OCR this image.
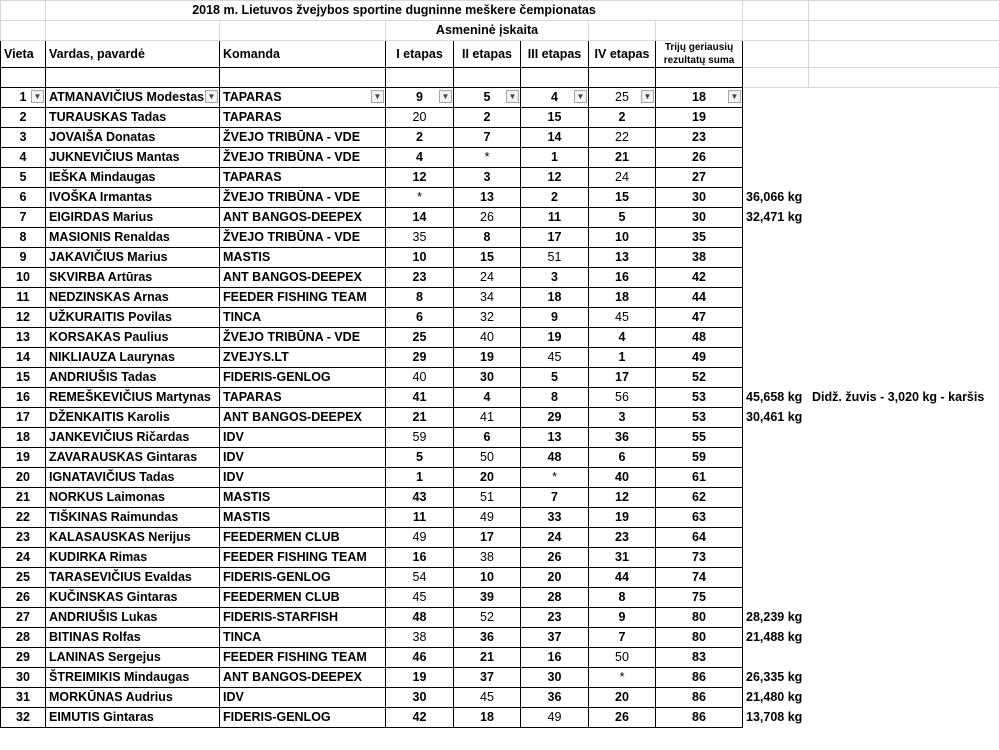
	2018 m. Lietuvos žvejybos sportine dugninne meškere čempionatas								
			Asmeninė įskaita						
Vieta	Vardas, pavardė	Komanda	I etapas	II etapas	III etapas	IV etapas	Trijų geriausių rezultatų suma		

1 ▼	ATMANAVIČIUS Modestas ▼	TAPARAS ▼	9 ▼	5 ▼	4 ▼	25 ▼	18 ▼		

2	TURAUSKAS Tadas	TAPARAS	20	2	15	2	19		
3	JOVAIŠA Donatas	ŽVEJO TRIBŪNA - VDE	2	7	14	22	23		
4	JUKNEVIČIUS Mantas	ŽVEJO TRIBŪNA - VDE	4	*	1	21	26		
5	IEŠKA Mindaugas	TAPARAS	12	3	12	24	27		
6	IVOŠKA Irmantas	ŽVEJO TRIBŪNA - VDE	*	13	2	15	30	36,066 kg	
7	EIGIRDAS Marius	ANT BANGOS-DEEPEX	14	26	11	5	30	32,471 kg	
8	MASIONIS Renaldas	ŽVEJO TRIBŪNA - VDE	35	8	17	10	35		
9	JAKAVIČIUS Marius	MASTIS	10	15	51	13	38		
10	SKVIRBA Artūras	ANT BANGOS-DEEPEX	23	24	3	16	42		
11	NEDZINSKAS Arnas	FEEDER FISHING TEAM	8	34	18	18	44		
12	UŽKURAITIS Povilas	TINCA	6	32	9	45	47		
13	KORSAKAS Paulius	ŽVEJO TRIBŪNA - VDE	25	40	19	4	48		
14	NIKLIAUZA Laurynas	ZVEJYS.LT	29	19	45	1	49		
15	ANDRIUŠIS Tadas	FIDERIS-GENLOG	40	30	5	17	52		
16	REMEŠKEVIČIUS Martynas	TAPARAS	41	4	8	56	53	45,658 kg	Didž. žuvis - 3,020 kg - karšis
17	DŽENKAITIS Karolis	ANT BANGOS-DEEPEX	21	41	29	3	53	30,461 kg	
18	JANKEVIČIUS Ričardas	IDV	59	6	13	36	55		
19	ZAVARAUSKAS Gintaras	IDV	5	50	48	6	59		
20	IGNATAVIČIUS Tadas	IDV	1	20	*	40	61		
21	NORKUS Laimonas	MASTIS	43	51	7	12	62		
22	TIŠKINAS Raimundas	MASTIS	11	49	33	19	63		
23	KALASAUSKAS Nerijus	FEEDERMEN CLUB	49	17	24	23	64		
24	KUDIRKA Rimas	FEEDER FISHING TEAM	16	38	26	31	73		
25	TARASEVIČIUS Evaldas	FIDERIS-GENLOG	54	10	20	44	74		
26	KUČINSKAS Gintaras	FEEDERMEN CLUB	45	39	28	8	75		
27	ANDRIUŠIS Lukas	FIDERIS-STARFISH	48	52	23	9	80	28,239 kg	
28	BITINAS Rolfas	TINCA	38	36	37	7	80	21,488 kg	
29	LANINAS Sergejus	FEEDER FISHING TEAM	46	21	16	50	83		
30	ŠTREIMIKIS Mindaugas	ANT BANGOS-DEEPEX	19	37	30	*	86	26,335 kg	
31	MORKŪNAS Audrius	IDV	30	45	36	20	86	21,480 kg	
32	EIMUTIS Gintaras	FIDERIS-GENLOG	42	18	49	26	86	13,708 kg	
